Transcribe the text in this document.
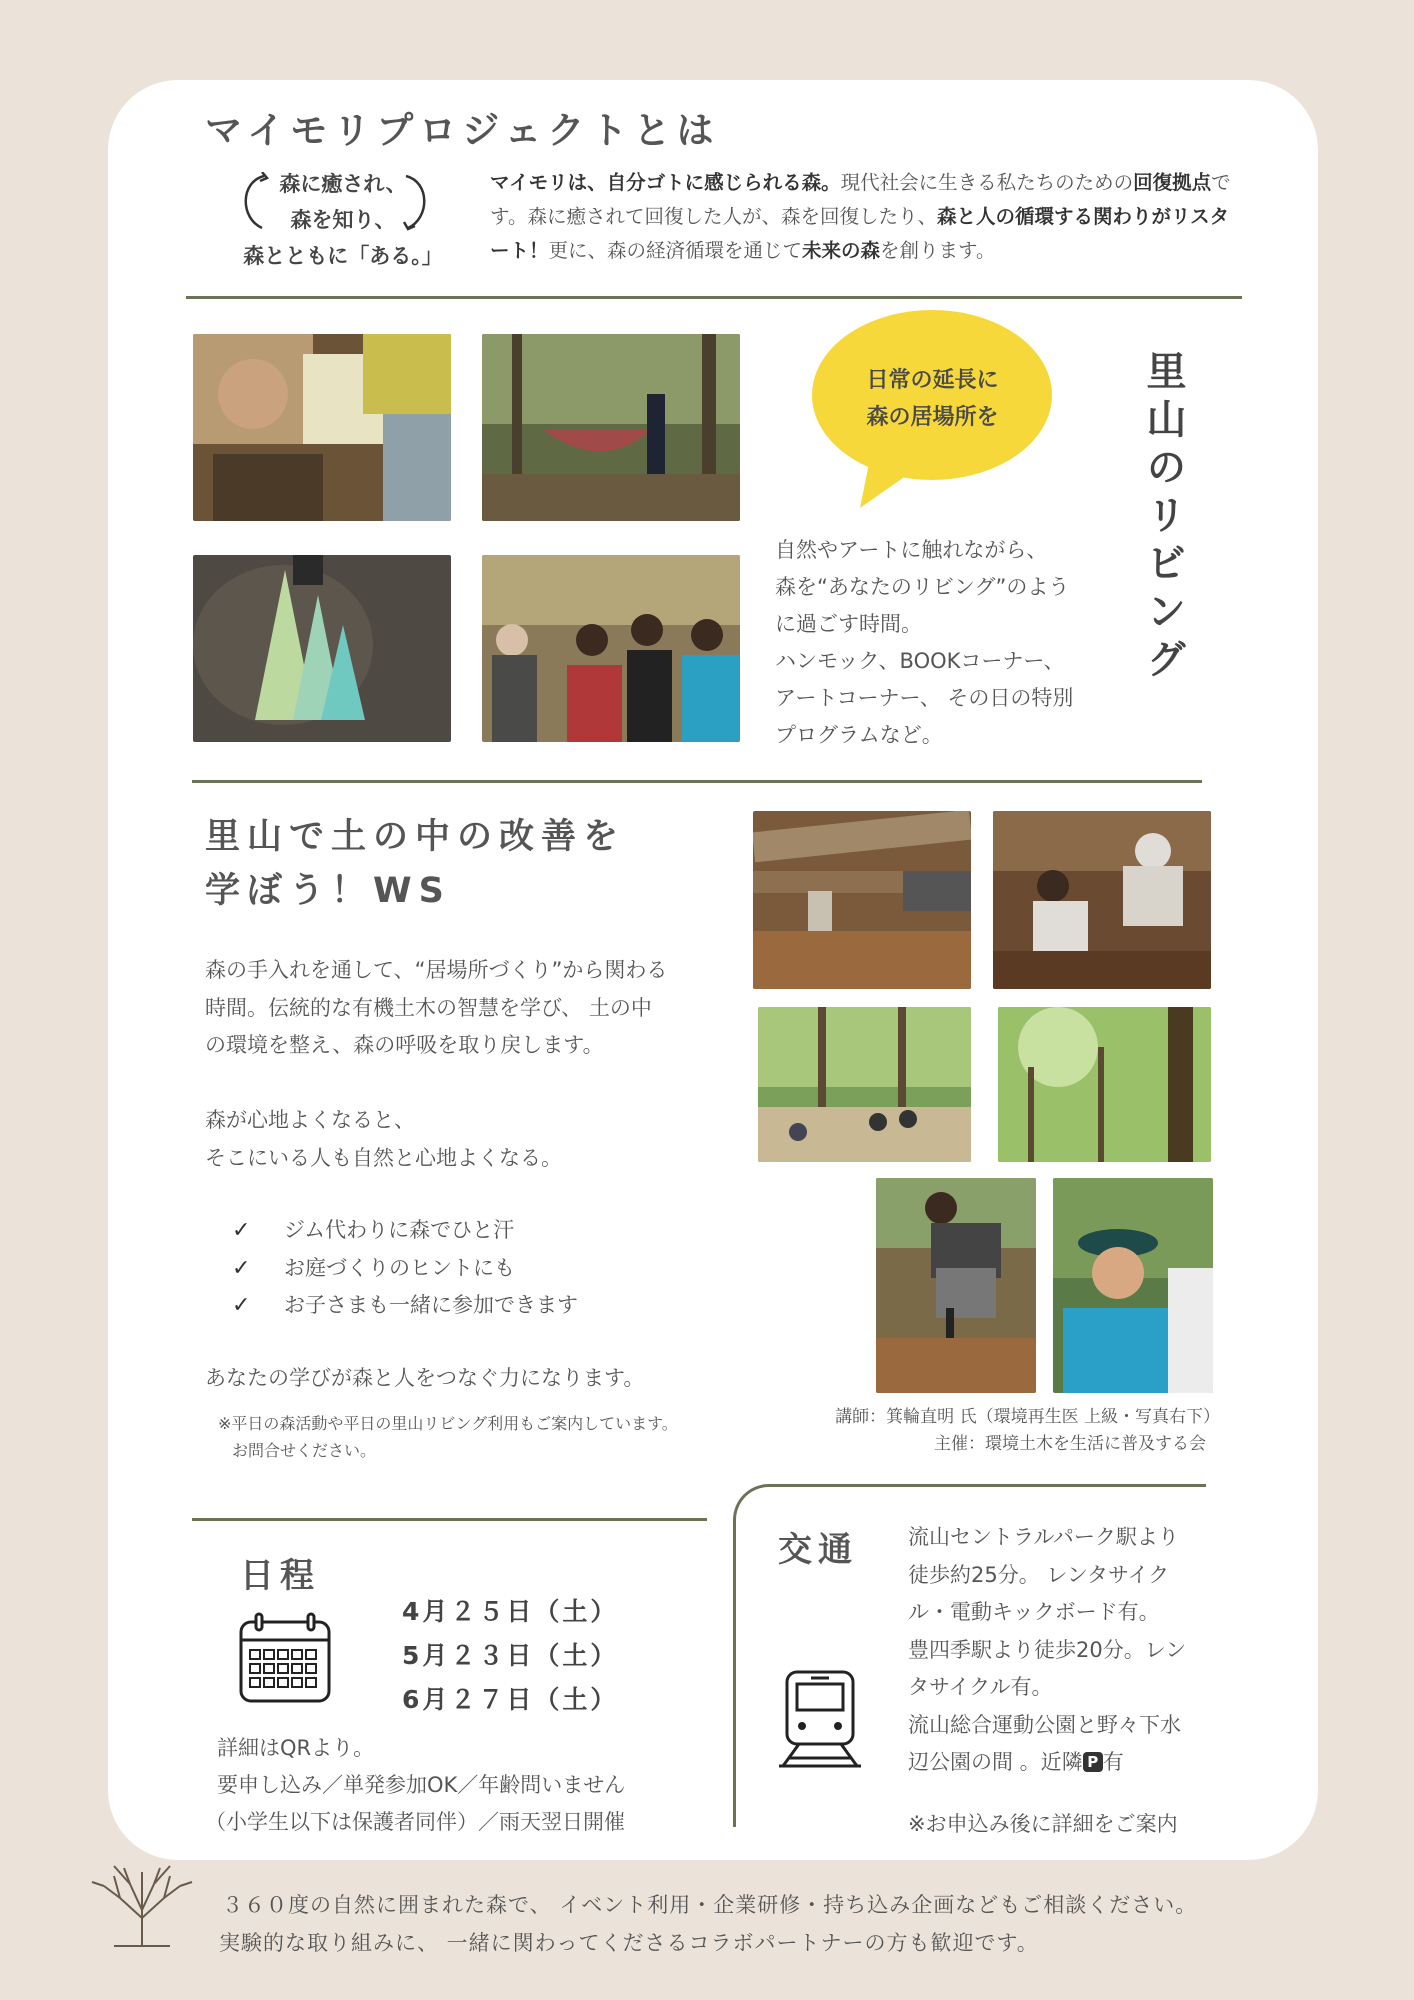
マイモリプロジェクトとは
森に癒され、
森を知り、
森とともに「ある。」
マイモリは、自分ゴトに感じられる森。現代社会に生きる私たちのための回復拠点です。森に癒されて回復した人が、森を回復したり、森と人の循環する関わりがリスタート！更に、森の経済循環を通じて未来の森を創ります。
日常の延長に
森の居場所を	里山のリビング
自然やアートに触れながら、
森を“あなたのリビング”のよう
に過ごす時間。
ハンモック、BOOKコーナー、
アートコーナー、 その日の特別
プログラムなど。
里山で土の中の改善を
学ぼう！WS
森の手入れを通して、“居場所づくり”から関わる
時間。伝統的な有機土木の智慧を学び、 土の中
の環境を整え、森の呼吸を取り戻します。
森が心地よくなると、
そこにいる人も自然と心地よくなる。
✓	ジム代わりに森でひと汗
✓	お庭づくりのヒントにも
✓	お子さまも一緒に参加できます
あなたの学びが森と人をつなぐ力になります。
※平日の森活動や平日の里山リビング利用もご案内しています。
お問合せください。
講師：箕輪直明 氏（環境再生医 上級・写真右下）
主催：環境土木を生活に普及する会
日程
4月２５日（土）
5月２３日（土）
6月２７日（土）
詳細はQRより。
要申し込み／単発参加OK／年齢問いません
（小学生以下は保護者同伴）／雨天翌日開催
交通 流山セントラルパーク駅より
徒歩約25分。 レンタサイク
ル・電動キックボード有。
豊四季駅より徒歩20分。レン
タサイクル有。
流山総合運動公園と野々下水
辺公園の間 。近隣 P 有
※お申込み後に詳細をご案内
３６０度の自然に囲まれた森で、 イベント利用・企業研修・持ち込み企画などもご相談ください。
実験的な取り組みに、 一緒に関わってくださるコラボパートナーの方も歓迎です。
